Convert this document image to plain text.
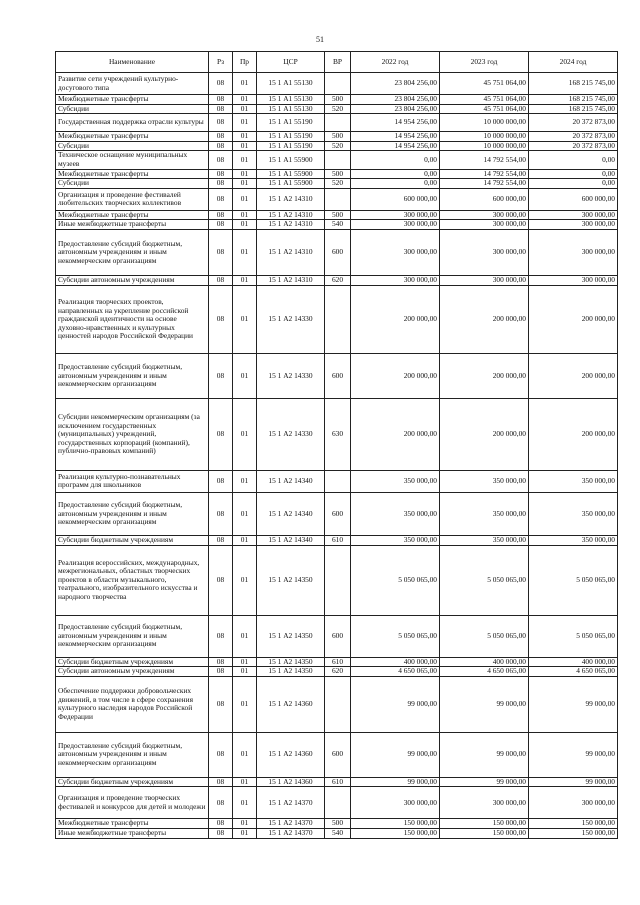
51
Наименование	Рз	Пр	ЦСР	ВР	2022 год	2023 год	2024 год
Развитие сети учреждений культурно-досугового типа	08	01	15 1 А1 55130		23 804 256,00	45 751 064,00	168 215 745,00
Межбюджетные трансферты	08	01	15 1 А1 55130	500	23 804 256,00	45 751 064,00	168 215 745,00
Субсидии	08	01	15 1 А1 55130	520	23 804 256,00	45 751 064,00	168 215 745,00
Государственная поддержка отрасли культуры	08	01	15 1 А1 55190		14 954 256,00	10 000 000,00	20 372 873,00
Межбюджетные трансферты	08	01	15 1 А1 55190	500	14 954 256,00	10 000 000,00	20 372 873,00
Субсидии	08	01	15 1 А1 55190	520	14 954 256,00	10 000 000,00	20 372 873,00
Техническое оснащение муниципальных музеев	08	01	15 1 А1 55900		0,00	14 792 554,00	0,00
Межбюджетные трансферты	08	01	15 1 А1 55900	500	0,00	14 792 554,00	0,00
Субсидии	08	01	15 1 А1 55900	520	0,00	14 792 554,00	0,00
Организация и проведение фестивалей любительских творческих коллективов	08	01	15 1 А2 14310		600 000,00	600 000,00	600 000,00
Межбюджетные трансферты	08	01	15 1 А2 14310	500	300 000,00	300 000,00	300 000,00
Иные межбюджетные трансферты	08	01	15 1 А2 14310	540	300 000,00	300 000,00	300 000,00
Предоставление субсидий бюджетным, автономным учреждениям и иным некоммерческим организациям	08	01	15 1 А2 14310	600	300 000,00	300 000,00	300 000,00
Субсидии автономным учреждениям	08	01	15 1 А2 14310	620	300 000,00	300 000,00	300 000,00
Реализация творческих проектов, направленных на укрепление российской гражданской идентичности на основе духовно-нравственных и культурных ценностей народов Российской Федерации	08	01	15 1 А2 14330		200 000,00	200 000,00	200 000,00
Предоставление субсидий бюджетным, автономным учреждениям и иным некоммерческим организациям	08	01	15 1 А2 14330	600	200 000,00	200 000,00	200 000,00
Субсидии некоммерческим организациям (за исключением государственных (муниципальных) учреждений, государственных корпораций (компаний), публично-правовых компаний)	08	01	15 1 А2 14330	630	200 000,00	200 000,00	200 000,00
Реализация культурно-познавательных программ для школьников	08	01	15 1 А2 14340		350 000,00	350 000,00	350 000,00
Предоставление субсидий бюджетным, автономным учреждениям и иным некоммерческим организациям	08	01	15 1 А2 14340	600	350 000,00	350 000,00	350 000,00
Субсидии бюджетным учреждениям	08	01	15 1 А2 14340	610	350 000,00	350 000,00	350 000,00
Реализация всероссийских, международных, межрегиональных, областных творческих проектов в области музыкального, театрального, изобразительного искусства и народного творчества	08	01	15 1 А2 14350		5 050 065,00	5 050 065,00	5 050 065,00
Предоставление субсидий бюджетным, автономным учреждениям и иным некоммерческим организациям	08	01	15 1 А2 14350	600	5 050 065,00	5 050 065,00	5 050 065,00
Субсидии бюджетным учреждениям	08	01	15 1 А2 14350	610	400 000,00	400 000,00	400 000,00
Субсидии автономным учреждениям	08	01	15 1 А2 14350	620	4 650 065,00	4 650 065,00	4 650 065,00
Обеспечение поддержки добровольческих движений, в том числе в сфере сохранения культурного наследия народов Российской Федерации	08	01	15 1 А2 14360		99 000,00	99 000,00	99 000,00
Предоставление субсидий бюджетным, автономным учреждениям и иным некоммерческим организациям	08	01	15 1 А2 14360	600	99 000,00	99 000,00	99 000,00
Субсидии бюджетным учреждениям	08	01	15 1 А2 14360	610	99 000,00	99 000,00	99 000,00
Организация и проведение творческих фестивалей и конкурсов для детей и молодежи	08	01	15 1 А2 14370		300 000,00	300 000,00	300 000,00
Межбюджетные трансферты	08	01	15 1 А2 14370	500	150 000,00	150 000,00	150 000,00
Иные межбюджетные трансферты	08	01	15 1 А2 14370	540	150 000,00	150 000,00	150 000,00
